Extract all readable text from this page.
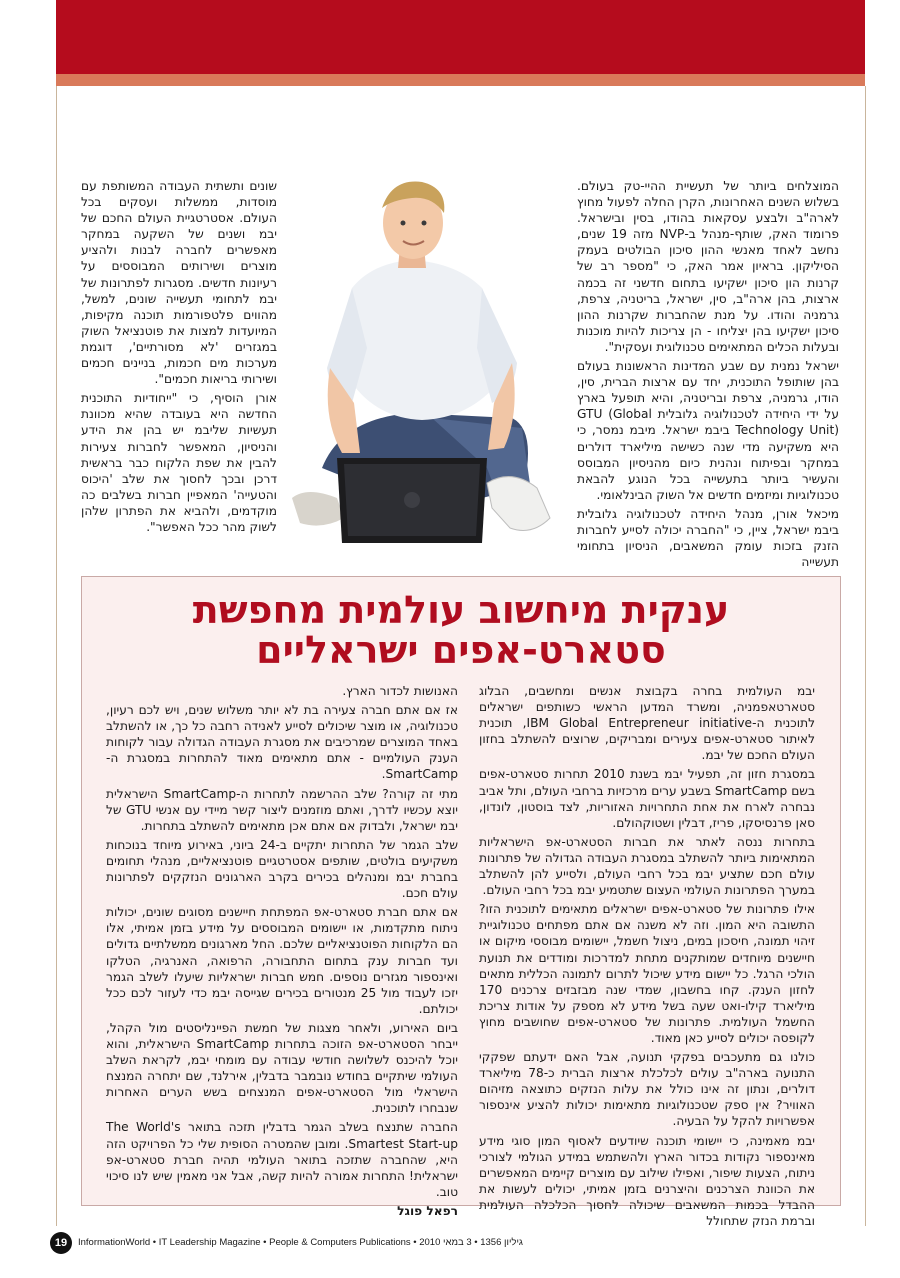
המוצלחים ביותר של תעשיית ההיי-טק בעולם. בשלוש השנים האחרונות, הקרן החלה לפעול מחוץ לארה"ב ולבצע עסקאות בהודו, בסין ובישראל. פרומוד האק, שותף-מנהל ב-NVP מזה 19 שנים, נחשב לאחד מאנשי ההון סיכון הבולטים בעמק הסיליקון. בראיון אמר האק, כי "מספר רב של קרנות הון סיכון ישקיעו בתחום חדשני זה בכמה ארצות, בהן ארה"ב, סין, ישראל, בריטניה, צרפת, גרמניה והודו. על מנת שהחברות שקרנות ההון סיכון ישקיעו בהן יצליחו - הן צריכות להיות מוכנות ובעלות הכלים המתאימים טכנולוגית ועסקית".

ישראל נמנית עם שבע המדינות הראשונות בעולם בהן שותופל התוכנית, יחד עם ארצות הברית, סין, הודו, גרמניה, צרפת ובריטניה, והיא תופעל בארץ על ידי היחידה לטכנולוגיה גלובלית GTU (Global Technology Unit) ביבמ ישראל. מיבמ נמסר, כי היא משקיעה מדי שנה כשישה מיליארד דולרים במחקר ובפיתוח ונהנית כיום מהניסיון המבוסס והעשיר ביותר בתעשייה בכל הנוגע להבאת טכנולוגיות ומיזמים חדשים אל השוק הבינלאומי.

מיכאל אורן, מנהל היחידה לטכנולוגיה גלובלית ביבמ ישראל, ציין, כי "החברה יכולה לסייע לחברות הזנק בזכות עומק המשאבים, הניסיון בתחומי תעשייה

שונים ותשתית העבודה המשותפת עם מוסדות, ממשלות ועסקים בכל העולם. אסטרטגיית העולם החכם של יבמ ושנים של השקעה במחקר מאפשרים לחברה לבנות ולהציע מוצרים ושירותים המבוססים על רעיונות חדשים. מסגרות לפתרונות של יבמ לתחומי תעשייה שונים, למשל, מהווים פלטפורמות תוכנה מקיפות, המיועדות למצות את פוטנציאל השוק במגזרים 'לא מסורתיים', דוגמת מערכות מים חכמות, בניינים חכמים ושירותי בריאות חכמים".

אורן הוסיף, כי "ייחודיות התוכנית החדשה היא בעובדה שהיא מכוונת תעשיות שליבמ יש בהן את הידע והניסיון, המאפשר לחברות צעירות להבין את שפת הלקוח כבר בראשית דרכן ובכך לחסוך את שלב 'היכוס והטעייה' המאפיין חברות בשלבים כה מוקדמים, ולהביא את הפתרון שלהן לשוק מהר ככל האפשר".

ענקית מיחשוב עולמית מחפשת
סטארט-אפים ישראליים

יבמ העולמית בחרה בקבוצת אנשים ומחשבים, הבלוג סטארטאפמניה, ומשרד המדען הראשי כשותפים ישראלים לתוכנית ה-IBM Global Entrepreneur initiative, תוכנית לאיתור סטארט-אפים צעירים ומבריקים, שרוצים להשתלב בחזון העולם החכם של יבמ.

במסגרת חזון זה, תפעיל יבמ בשנת 2010 תחרות סטארט-אפים בשם SmartCamp בשבע ערים מרכזיות ברחבי העולם, ותל אביב נבחרה לארח את אחת התחרויות האזוריות, לצד בוסטון, לונדון, סאן פרנסיסקו, פריז, דבלין ושטוקהולם.

בתחרות ננסה לאתר את חברות הסטארט-אפ הישראליות המתאימות ביותר להשתלב במסגרת העבודה הגדולה של פתרונות עולם חכם שתציע יבמ בכל רחבי העולם, ולסייע להן להשתלב במערך הפתרונות העולמי העצום שתטמיע יבמ בכל רחבי העולם.

אילו פתרונות של סטארט-אפים ישראלים מתאימים לתוכנית הזו? התשובה היא המון. וזה לא משנה אם אתם מפתחים טכנולוגיית זיהוי תמונה, חיסכון במים, ניצול חשמל, יישומים מבוססי מיקום או חיישנים מיוחדים שמותקנים מתחת למדרכות ומודדים את תנועת הולכי הרגל. כל יישום מידע שיכול לתרום לתמונה הכללית מתאים לחזון הענק. קחו בחשבון, שמדי שנה מבזבזים צרכנים 170 מיליארד קילו-ואט שעה בשל מידע לא מספק על אודות צריכת החשמל העולמית. פתרונות של סטארט-אפים שחושבים מחוץ לקופסה יכולים לסייע כאן מאוד.

כולנו גם מתעכבים בפקקי תנועה, אבל האם ידעתם שפקקי התנועה בארה"ב עולים לכלכלת ארצות הברית כ-78 מיליארד דולרים, ונתון זה אינו כולל את עלות הנזקים כתוצאה מזיהום האוויר? אין ספק שטכנולוגיות מתאימות יכולות להציע אינספור אפשרויות להקל על הבעיה.

יבמ מאמינה, כי יישומי תוכנה שיודעים לאסוף המון סוגי מידע מאינספור נקודות בכדור הארץ ולהשתמש במידע הגולמי לצורכי ניתוח, הצעות שיפור, ואפילו שילוב עם מוצרים קיימים המאפשרים את הכוונת הצרכנים והיצרנים בזמן אמיתי, יכולים לעשות את ההבדל בכמות המשאבים שיכולה לחסוך הכלכלה העולמית וברמת הנזק שתחולל

האנושות לכדור הארץ.

אז אם אתם חברה צעירה בת לא יותר משלוש שנים, ויש לכם רעיון, טכנולוגיה, או מוצר שיכולים לסייע לאנידה רחבה כל כך, או להשתלב באחד המוצרים שמרכיבים את מסגרת העבודה הגדולה עבור לקוחות הענק העולמיים - אתם מתאימים מאוד להתחרות במסגרת ה-SmartCamp.

מתי זה קורה? שלב ההרשמה לתחרות ה-SmartCamp הישראלית יוצא עכשיו לדרך, ואתם מוזמנים ליצור קשר מיידי עם אנשי GTU של יבמ ישראל, ולבדוק אם אתם אכן מתאימים להשתלב בתחרות.

שלב הגמר של התחרות יתקיים ב-24 ביוני, באירוע מיוחד בנוכחות משקיעים בולטים, שותפים אסטרטגיים פוטנציאליים, מנהלי תחומים בחברת יבמ ומנהלים בכירים בקרב הארגונים הנזקקים לפתרונות עולם חכם.

אם אתם חברת סטארט-אפ המפתחת חיישנים מסוגים שונים, יכולות ניתוח מתקדמות, או יישומים המבוססים על מידע בזמן אמיתי, אלו הם הלקוחות הפוטנציאליים שלכם. החל מארגונים ממשלתיים גדולים ועד חברות ענק בתחום התחבורה, הרפואה, האנרגיה, הטלקו ואינספור מגזרים נוספים. חמש חברות ישראליות שיעלו לשלב הגמר יזכו לעבוד מול 25 מנטורים בכירים שגייסה יבמ כדי לעזור לכם ככל יכולתם.

ביום האירוע, ולאחר מצגות של חמשת הפיינליסטים מול הקהל, ייבחר הסטארט-אפ הזוכה בתחרות SmartCamp הישראלית, והוא יוכל להיכנס לשלושה חודשי עבודה עם מומחי יבמ, לקראת השלב העולמי שיתקיים בחודש נובמבר בדבלין, אירלנד, שם יתחרה המנצח הישראלי מול הסטארט-אפים המנצחים בשש הערים האחרות שנבחרו לתוכנית.

החברה שתנצח בשלב הגמר בדבלין תזכה בתואר The World's Smartest Start-up. ומובן שהמטרה הסופית שלי כל הפרויקט הזה היא, שהחברה שתזכה בתואר העולמי תהיה חברת סטארט-אפ ישראלית! התחרות אמורה להיות קשה, אבל אני מאמין שיש לנו סיכוי טוב.

רפאל פוגל

19	InformationWorld • IT Leadership Magazine • People & Computers Publications • 2010 גיליון 1356 • 3 במאי
